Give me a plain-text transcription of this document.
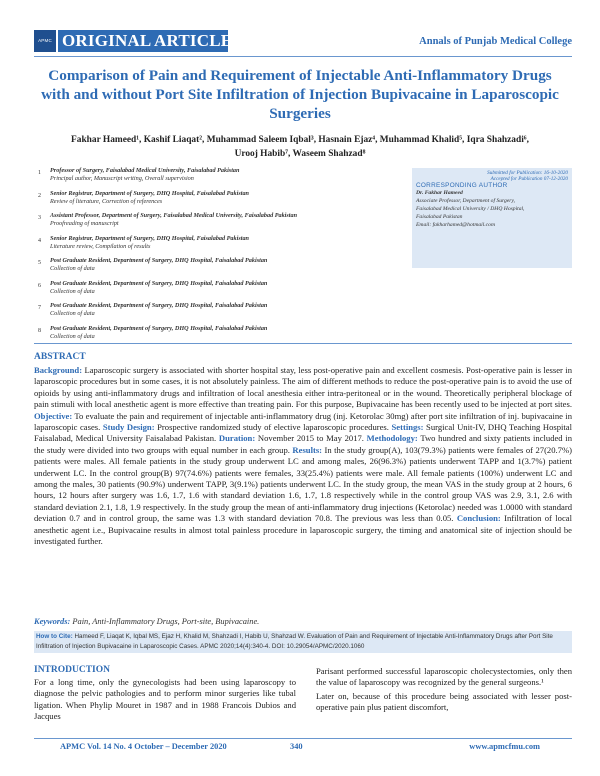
APMC ORIGINAL ARTICLE	Annals of Punjab Medical College
Comparison of Pain and Requirement of Injectable Anti-Inflammatory Drugs with and without Port Site Infiltration of Injection Bupivacaine in Laparoscopic Surgeries
Fakhar Hameed¹, Kashif Liaqat², Muhammad Saleem Iqbal³, Hasnain Ejaz⁴, Muhammad Khalid⁵, Iqra Shahzadi⁶,
Urooj Habib⁷, Waseem Shahzad⁸
1 Professor of Surgery, Faisalabad Medical University, Faisalabad Pakistan
Principal author, Manuscript writing, Overall supervision
2 Senior Registrar, Department of Surgery, DHQ Hospital, Faisalabad Pakistan
Review of literature, Correction of references
3 Assistant Professor, Department of Surgery, Faisalabad Medical University, Faisalabad Pakistan
Proofreading of manuscript
4 Senior Registrar, Department of Surgery, DHQ Hospital, Faisalabad Pakistan
Literature review, Compilation of results
5 Post Graduate Resident, Department of Surgery, DHQ Hospital, Faisalabad Pakistan
Collection of data
6 Post Graduate Resident, Department of Surgery, DHQ Hospital, Faisalabad Pakistan
Collection of data
7 Post Graduate Resident, Department of Surgery, DHQ Hospital, Faisalabad Pakistan
Collection of data
8 Post Graduate Resident, Department of Surgery, DHQ Hospital, Faisalabad Pakistan
Collection of data
Submitted for Publication: 16-10-2020
Accepted for Publication 07-12-2020
CORRESPONDING AUTHOR
Dr. Fakhar Hameed
Associate Professor, Department of Surgery,
Faisalabad Medical University / DHQ Hospital,
Faisalabad Pakistan
Email: fakharhamed@hotmail.com
ABSTRACT
Background: Laparoscopic surgery is associated with shorter hospital stay, less post-operative pain and excellent cosmesis. Post-operative pain is lesser in laparoscopic procedures but in some cases, it is not absolutely painless. The aim of different methods to reduce the post-operative pain is to avoid the use of opioids by using anti-inflammatory drugs and infiltration of local anesthesia either intra-peritoneal or in the wound. Theoretically peripheral blockage of pain stimuli with local anesthetic agent is more effective than treating pain. For this purpose, Bupivacaine has been recently used to be injected at port sites. Objective: To evaluate the pain and requirement of injectable anti-inflammatory drug (inj. Ketorolac 30mg) after port site infiltration of inj. bupivacaine in laparoscopic cases. Study Design: Prospective randomized study of elective laparoscopic procedures. Settings: Surgical Unit-IV, DHQ Teaching Hospital Faisalabad, Medical University Faisalabad Pakistan. Duration: November 2015 to May 2017. Methodology: Two hundred and sixty patients included in the study were divided into two groups with equal number in each group. Results: In the study group(A), 103(79.3%) patients were females of 27(20.7%) patients were males. All female patients in the study group underwent LC and among males, 26(96.3%) patients underwent TAPP and 1(3.7%) patient underwent LC. In the control group(B) 97(74.6%) patients were females, 33(25.4%) patients were male. All female patients (100%) underwent LC and among the males, 30 patients (90.9%) underwent TAPP, 3(9.1%) patients underwent LC. In the study group, the mean VAS in the study group at 2 hours, 6 hours, 12 hours after surgery was 1.6, 1.7, 1.6 with standard deviation 1.6, 1.7, 1.8 respectively while in the control group VAS was 2.9, 3.1, 2.6 with standard deviation 2.1, 1.8, 1.9 respectively. In the study group the mean of anti-inflammatory drug injections (Ketorolac) needed was 1.0000 with standard deviation 0.7 and in control group, the same was 1.3 with standard deviation 70.8. The previous was less than 0.05. Conclusion: Infiltration of local anesthetic agent i.e., Bupivacaine results in almost total painless procedure in laparoscopic surgery, the timing and anatomical site of injection should be investigated further.
Keywords: Pain, Anti-Inflammatory Drugs, Port-site, Bupivacaine.
How to Cite: Hameed F, Liaqat K, Iqbal MS, Ejaz H, Khalid M, Shahzadi I, Habib U, Shahzad W. Evaluation of Pain and Requirement of Injectable Anti-Inflammatory Drugs after Port Site Infiltration of Injection Bupivacaine in Laparoscopic Cases. APMC 2020;14(4):340-4. DOI: 10.29054/APMC/2020.1060
INTRODUCTION
For a long time, only the gynecologists had been using laparoscopy to diagnose the pelvic pathologies and to perform minor surgeries like tubal ligation. When Phylip Mouret in 1987 and in 1988 Francois Dubios and Jacques

Parisant performed successful laparoscopic cholecystectomies, only then the value of laparoscopy was recognized by the general surgeons.¹

Later on, because of this procedure being associated with lesser post-operative pain plus patient discomfort,

APMC Vol. 14 No. 4 October – December 2020	340	www.apmcfmu.com
